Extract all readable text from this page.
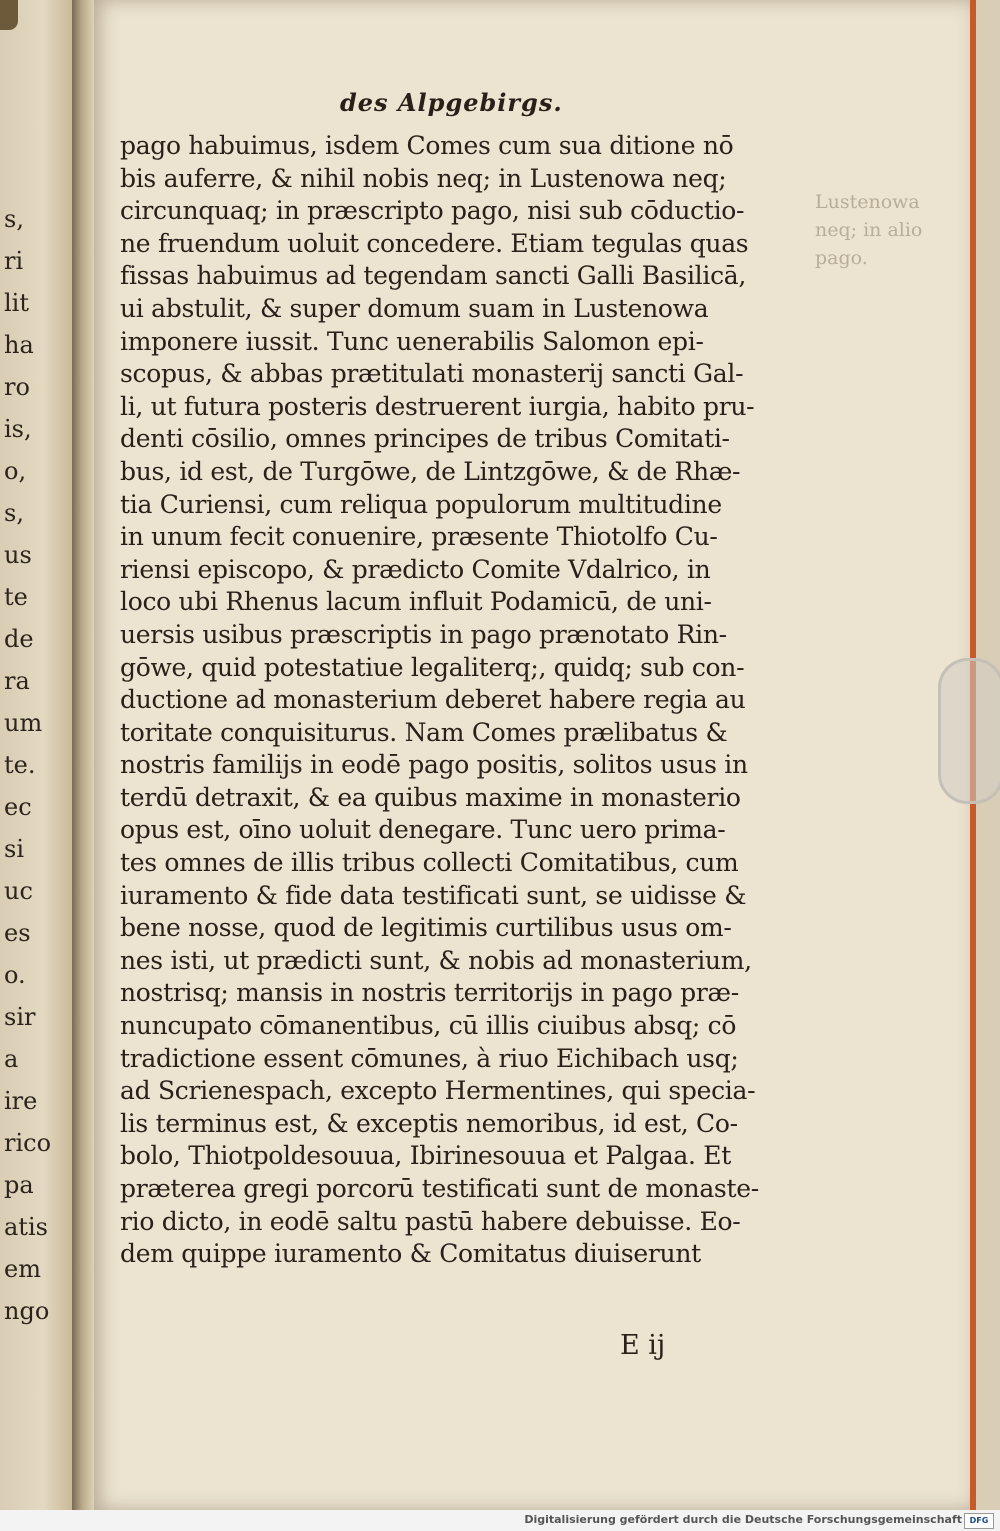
s,
ri
lit
ha
ro
is,
o,
s,
us
te
de
ra
um
te.
ec
si
uc
es
o.
sir
a
ire
rico
pa
atis
em
ngo
des Alpgebirgs.
Lustenowa
neq; in alio
pago.
pago habuimus, isdem Comes cum sua ditione nō
bis auferre, & nihil nobis neq; in Lustenowa neq;
circunquaq; in præscripto pago, nisi sub cōductio-
ne fruendum uoluit concedere. Etiam tegulas quas
fissas habuimus ad tegendam sancti Galli Basilicā,
ui abstulit, & super domum suam in Lustenowa
imponere iussit. Tunc uenerabilis Salomon epi-
scopus, & abbas prætitulati monasterij sancti Gal-
li, ut futura posteris destruerent iurgia, habito pru-
denti cōsilio, omnes principes de tribus Comitati-
bus, id est, de Turgōwe, de Lintzgōwe, & de Rhæ-
tia Curiensi, cum reliqua populorum multitudine
in unum fecit conuenire, præsente Thiotolfo Cu-
riensi episcopo, & prædicto Comite Vdalrico, in
loco ubi Rhenus lacum influit Podamicū, de uni-
uersis usibus præscriptis in pago prænotato Rin-
gōwe, quid potestatiue legaliterq;, quidq; sub con-
ductione ad monasterium deberet habere regia au
toritate conquisiturus. Nam Comes prælibatus &
nostris familijs in eodē pago positis, solitos usus in
terdū detraxit, & ea quibus maxime in monasterio
opus est, oīno uoluit denegare. Tunc uero prima-
tes omnes de illis tribus collecti Comitatibus, cum
iuramento & fide data testificati sunt, se uidisse &
bene nosse, quod de legitimis curtilibus usus om-
nes isti, ut prædicti sunt, & nobis ad monasterium,
nostrisq; mansis in nostris territorijs in pago præ-
nuncupato cōmanentibus, cū illis ciuibus absq; cō
tradictione essent cōmunes, à riuo Eichibach usq;
ad Scrienespach, excepto Hermentines, qui specia-
lis terminus est, & exceptis nemoribus, id est, Co-
bolo, Thiotpoldesouua, Ibirinesouua et Palgaa. Et
præterea gregi porcorū testificati sunt de monaste-
rio dicto, in eodē saltu pastū habere debuisse. Eo-
dem quippe iuramento & Comitatus diuiserunt
E ij
Digitalisierung gefördert durch die Deutsche Forschungsgemeinschaft DFG
